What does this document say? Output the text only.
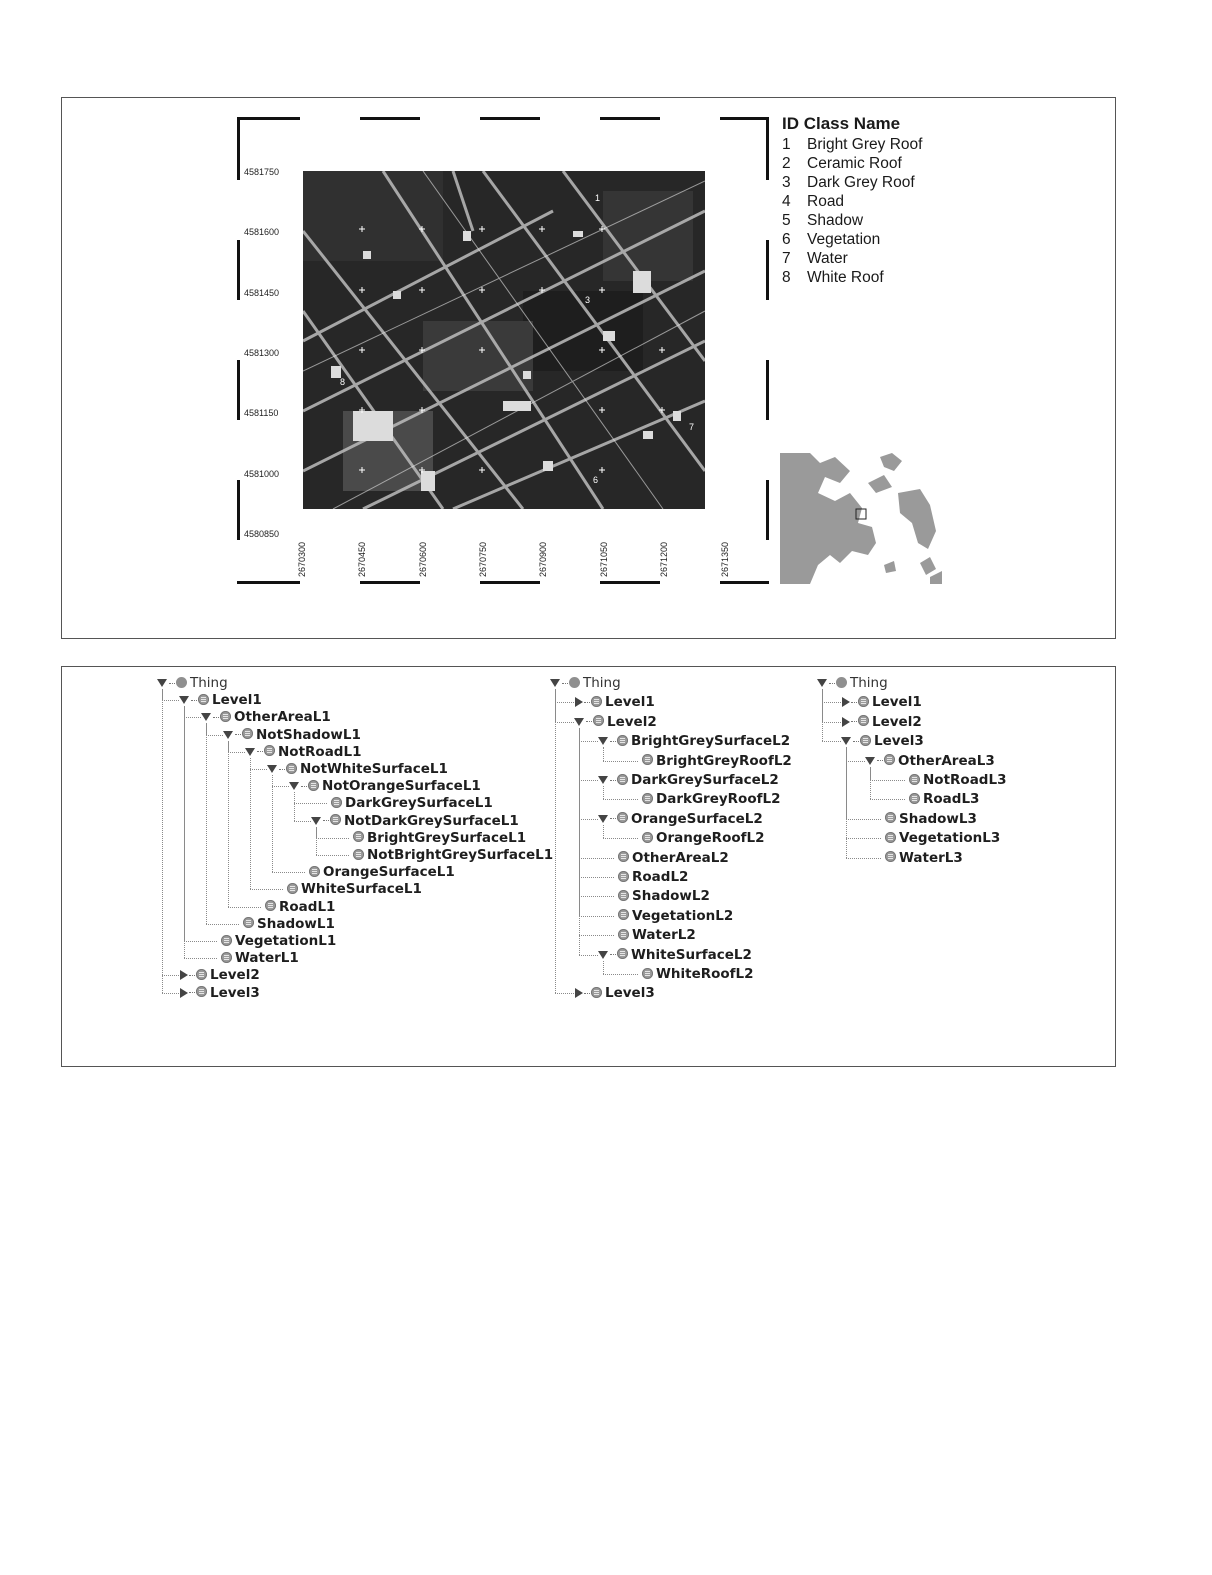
4581750
4581600
4581450
4581300
4581150
4581000
4580850
2670300	2670450	2670600	2670750	2670900	2671050	2671200	2671350
1
3
8
7
6
ID Class Name
1 Bright Grey Roof
2 Ceramic Roof
3 Dark Grey Roof
4 Road
5 Shadow
6 Vegetation
7 Water
8 White Roof
Thing
Level1
OtherAreaL1
NotShadowL1
NotRoadL1
NotWhiteSurfaceL1
NotOrangeSurfaceL1
DarkGreySurfaceL1
NotDarkGreySurfaceL1
BrightGreySurfaceL1
NotBrightGreySurfaceL1
OrangeSurfaceL1
WhiteSurfaceL1
RoadL1
ShadowL1
VegetationL1
WaterL1
Level2
Level3
Thing
Level1
Level2
BrightGreySurfaceL2
BrightGreyRoofL2
DarkGreySurfaceL2
DarkGreyRoofL2
OrangeSurfaceL2
OrangeRoofL2
OtherAreaL2
RoadL2
ShadowL2
VegetationL2
WaterL2
WhiteSurfaceL2
WhiteRoofL2
Level3
Thing
Level1
Level2
Level3
OtherAreaL3
NotRoadL3
RoadL3
ShadowL3
VegetationL3
WaterL3
